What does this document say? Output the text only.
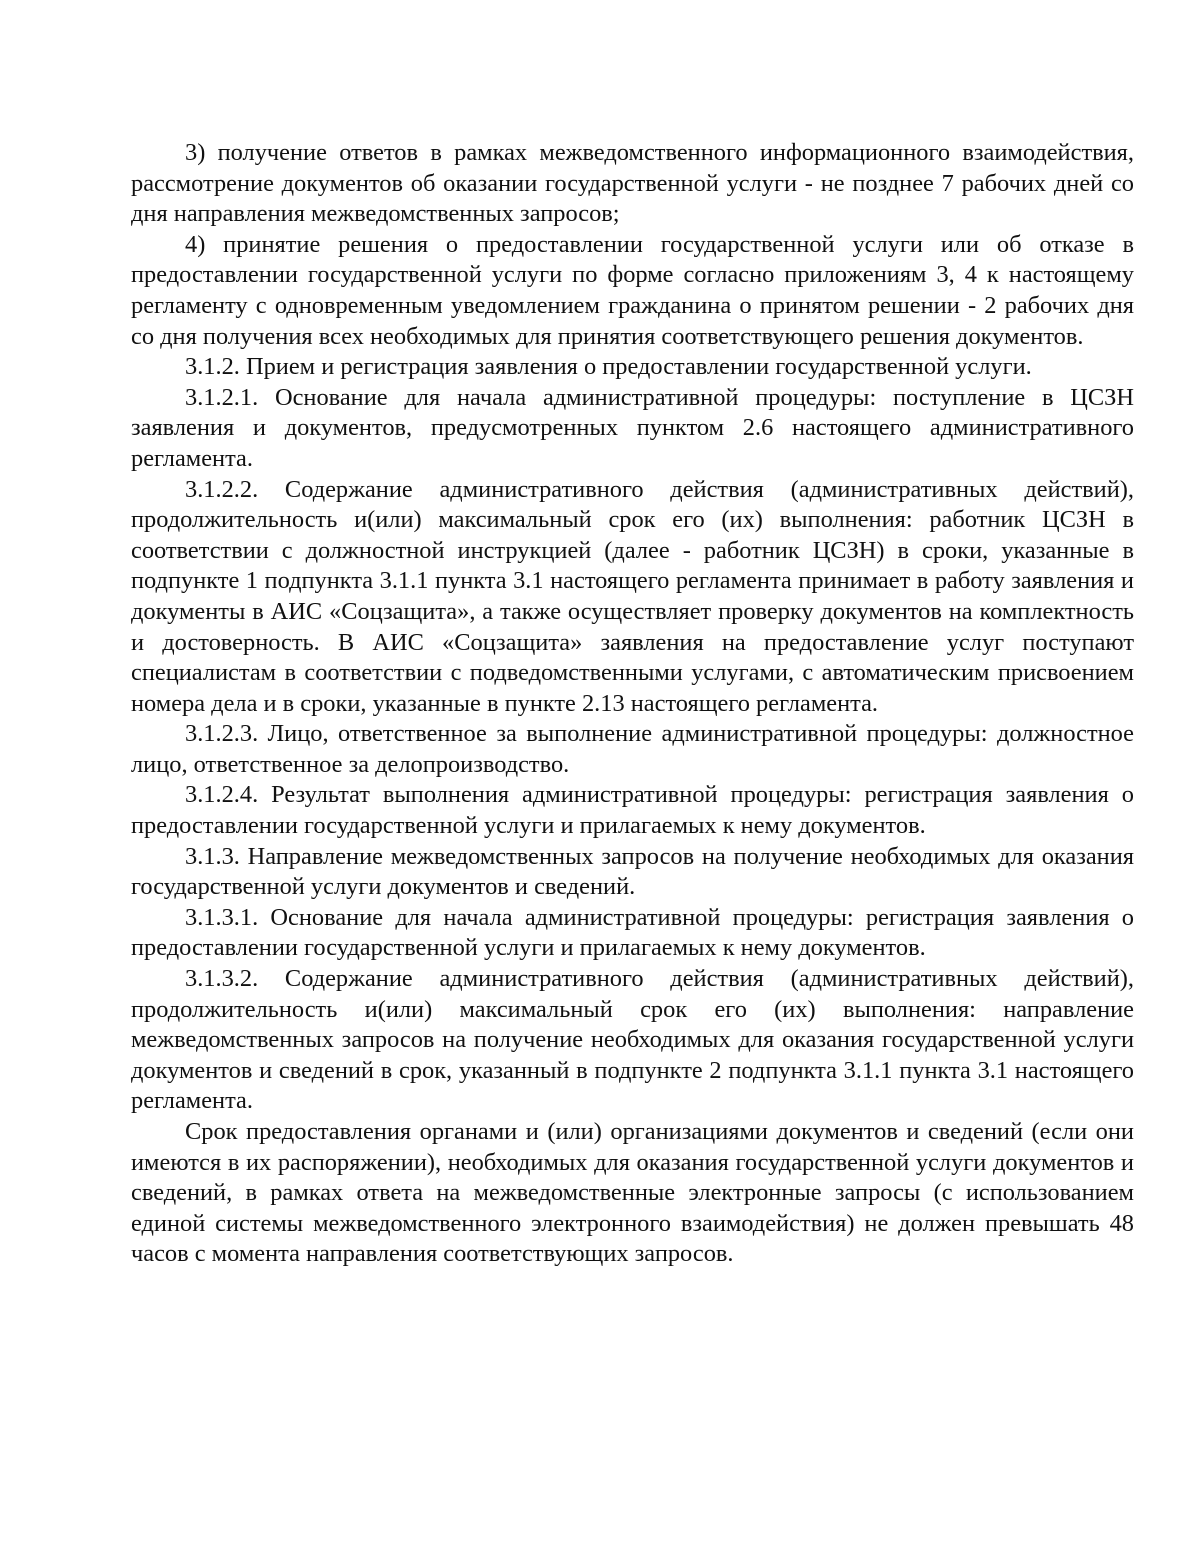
3) получение ответов в рамках межведомственного информационного взаимодействия, рассмотрение документов об оказании государственной услуги - не позднее 7 рабочих дней со дня направления межведомственных запросов;

4) принятие решения о предоставлении государственной услуги или об отказе в предоставлении государственной услуги по форме согласно приложениям 3, 4 к настоящему регламенту с одновременным уведомлением гражданина о принятом решении - 2 рабочих дня со дня получения всех необходимых для принятия соответствующего решения документов.

3.1.2. Прием и регистрация заявления о предоставлении государственной услуги.

3.1.2.1. Основание для начала административной процедуры: поступление в ЦСЗН заявления и документов, предусмотренных пунктом 2.6 настоящего административного регламента.

3.1.2.2. Содержание административного действия (административных действий), продолжительность и(или) максимальный срок его (их) выполнения: работник ЦСЗН в соответствии с должностной инструкцией (далее - работник ЦСЗН) в сроки, указанные в подпункте 1 подпункта 3.1.1 пункта 3.1 настоящего регламента принимает в работу заявления и документы в АИС «Соцзащита», а также осуществляет проверку документов на комплектность и достоверность. В АИС «Соцзащита» заявления на предоставление услуг поступают специалистам в соответствии с подведомственными услугами, с автоматическим присвоением номера дела и в сроки, указанные в пункте 2.13 настоящего регламента.

3.1.2.3. Лицо, ответственное за выполнение административной процедуры: должностное лицо, ответственное за делопроизводство.

3.1.2.4. Результат выполнения административной процедуры: регистрация заявления о предоставлении государственной услуги и прилагаемых к нему документов.

3.1.3. Направление межведомственных запросов на получение необходимых для оказания государственной услуги документов и сведений.

3.1.3.1. Основание для начала административной процедуры: регистрация заявления о предоставлении государственной услуги и прилагаемых к нему документов.

3.1.3.2. Содержание административного действия (административных действий), продолжительность и(или) максимальный срок его (их) выполнения: направление межведомственных запросов на получение необходимых для оказания государственной услуги документов и сведений в срок, указанный в подпункте 2 подпункта 3.1.1 пункта 3.1 настоящего регламента.

Срок предоставления органами и (или) организациями документов и сведений (если они имеются в их распоряжении), необходимых для оказания государственной услуги документов и сведений, в рамках ответа на межведомственные электронные запросы (с использованием единой системы межведомственного электронного взаимодействия) не должен превышать 48 часов с момента направления соответствующих запросов.
